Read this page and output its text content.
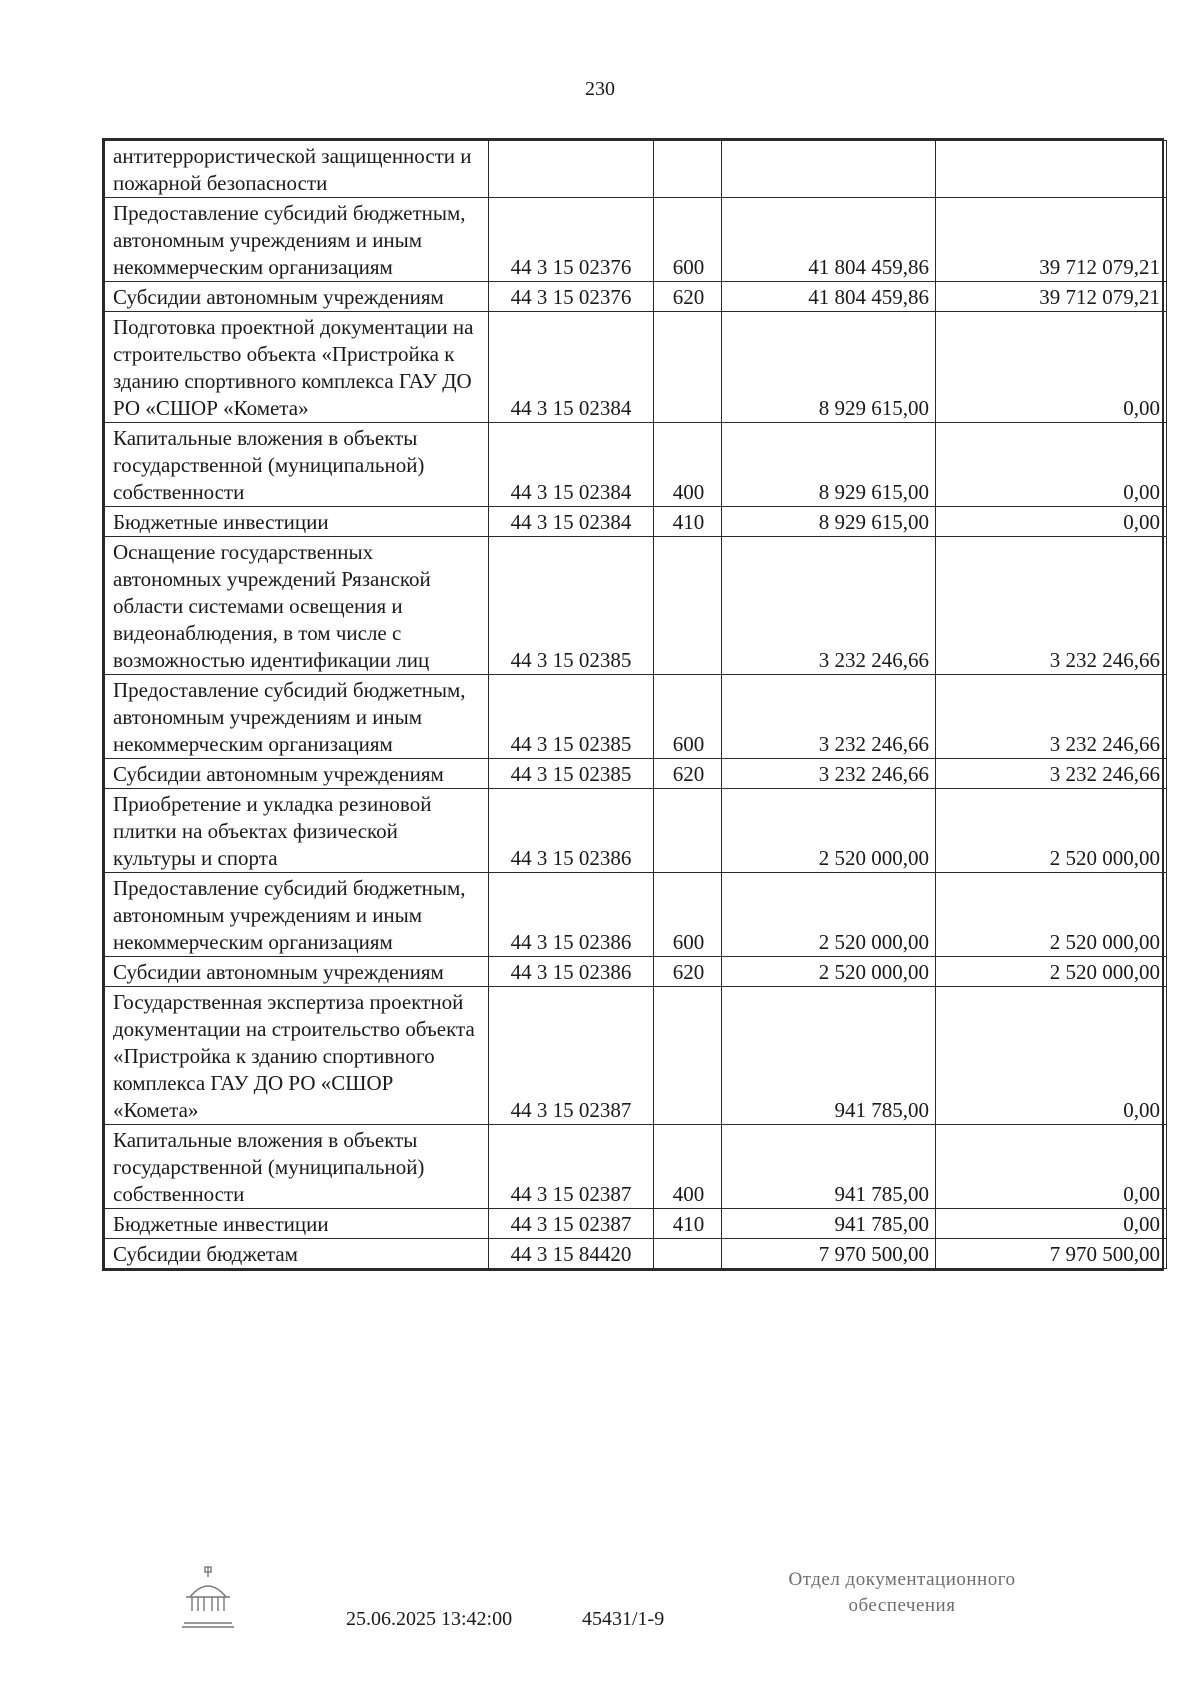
230
антитеррористической защищенности и пожарной безопасности				
Предоставление субсидий бюджетным, автономным учреждениям и иным некоммерческим организациям	44 3 15 02376	600	41 804 459,86	39 712 079,21
Субсидии автономным учреждениям	44 3 15 02376	620	41 804 459,86	39 712 079,21
Подготовка проектной документации на строительство объекта «Пристройка к зданию спортивного комплекса ГАУ ДО РО «СШОР «Комета»	44 3 15 02384		8 929 615,00	0,00
Капитальные вложения в объекты государственной (муниципальной) собственности	44 3 15 02384	400	8 929 615,00	0,00
Бюджетные инвестиции	44 3 15 02384	410	8 929 615,00	0,00
Оснащение государственных автономных учреждений Рязанской области системами освещения и видеонаблюдения, в том числе с возможностью идентификации лиц	44 3 15 02385		3 232 246,66	3 232 246,66
Предоставление субсидий бюджетным, автономным учреждениям и иным некоммерческим организациям	44 3 15 02385	600	3 232 246,66	3 232 246,66
Субсидии автономным учреждениям	44 3 15 02385	620	3 232 246,66	3 232 246,66
Приобретение и укладка резиновой плитки на объектах физической культуры и спорта	44 3 15 02386		2 520 000,00	2 520 000,00
Предоставление субсидий бюджетным, автономным учреждениям и иным некоммерческим организациям	44 3 15 02386	600	2 520 000,00	2 520 000,00
Субсидии автономным учреждениям	44 3 15 02386	620	2 520 000,00	2 520 000,00
Государственная экспертиза проектной документации на строительство объекта «Пристройка к зданию спортивного комплекса ГАУ ДО РО «СШОР «Комета»	44 3 15 02387		941 785,00	0,00
Капитальные вложения в объекты государственной (муниципальной) собственности	44 3 15 02387	400	941 785,00	0,00
Бюджетные инвестиции	44 3 15 02387	410	941 785,00	0,00
Субсидии бюджетам	44 3 15 84420		7 970 500,00	7 970 500,00
25.06.2025 13:42:00	45431/1-9
Отдел документационного
обеспечения
